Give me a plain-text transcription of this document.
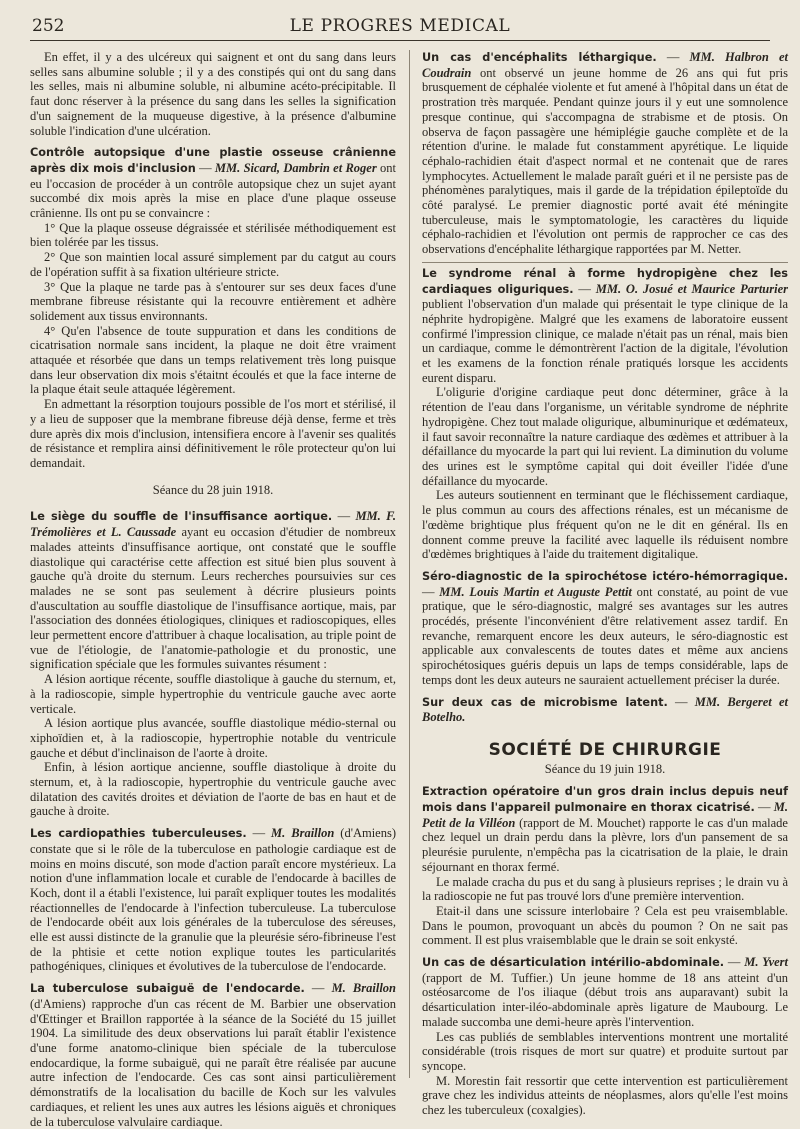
252	LE PROGRES MEDICAL

En effet, il y a des ulcéreux qui saignent et ont du sang dans leurs selles sans albumine soluble ; il y a des constipés qui ont du sang dans les selles, mais ni albumine soluble, ni albumine acéto-précipitable. Il faut donc réserver à la présence du sang dans les selles la signification d'un saignement de la muqueuse digestive, à la présence d'albumine soluble l'indication d'une ulcération.

Contrôle autopsique d'une plastie osseuse crânienne après dix mois d'inclusion — MM. Sicard, Dambrin et Roger ont eu l'occasion de procéder à un contrôle autopsique chez un sujet ayant succombé dix mois après la mise en place d'une plaque osseuse crânienne. Ils ont pu se convaincre :

1° Que la plaque osseuse dégraissée et stérilisée méthodiquement est bien tolérée par les tissus.

2° Que son maintien local assuré simplement par du catgut au cours de l'opération suffit à sa fixation ultérieure stricte.

3° Que la plaque ne tarde pas à s'entourer sur ses deux faces d'une membrane fibreuse résistante qui la recouvre entièrement et adhère solidement aux tissus environnants.

4° Qu'en l'absence de toute suppuration et dans les conditions de cicatrisation normale sans incident, la plaque ne doit être vraiment attaquée et résorbée que dans un temps relativement très long puisque dans leur observation dix mois s'étaitnt écoulés et que la face interne de la plaque était seule attaquée légèrement.

En admettant la résorption toujours possible de l'os mort et stérilisé, il y a lieu de supposer que la membrane fibreuse déjà dense, ferme et très dure après dix mois d'inclusion, intensifiera encore à l'avenir ses qualités de résistance et remplira ainsi définitivement le rôle protecteur qu'on lui demandait.

Séance du 28 juin 1918.

Le siège du souffle de l'insuffisance aortique. — MM. F. Trémolières et L. Caussade ayant eu occasion d'étudier de nombreux malades atteints d'insuffisance aortique, ont constaté que le souffle diastolique qui caractérise cette affection est situé bien plus souvent à gauche qu'à droite du sternum. Leurs recherches poursuivies sur ces malades ne se sont pas seulement à décrire plusieurs points d'auscultation au souffle diastolique de l'insuffisance aortique, mais, par l'association des données étiologiques, cliniques et radioscopiques, elles leur permettent encore d'attribuer à chaque localisation, au triple point de vue de l'étiologie, de l'anatomie-pathologie et du pronostic, une signification spéciale que les formules suivantes résument :

A lésion aortique récente, souffle diastolique à gauche du sternum, et, à la radioscopie, simple hypertrophie du ventricule gauche avec aorte verticale.

A lésion aortique plus avancée, souffle diastolique médio-sternal ou xiphoïdien et, à la radioscopie, hypertrophie notable du ventricule gauche et début d'inclinaison de l'aorte à droite.

Enfin, à lésion aortique ancienne, souffle diastolique à droite du sternum, et, à la radioscopie, hypertrophie du ventricule gauche avec dilatation des cavités droites et déviation de l'aorte de bas en haut et de gauche à droite.

Les cardiopathies tuberculeuses. — M. Braillon (d'Amiens) constate que si le rôle de la tuberculose en pathologie cardiaque est de moins en moins discuté, son mode d'action paraît encore mystérieux. La notion d'une inflammation locale et curable de l'endocarde à bacilles de Koch, dont il a établi l'existence, lui paraît expliquer toutes les modalités réactionnelles de l'endocarde à l'infection tuberculeuse. La tuberculose de l'endocarde obéit aux lois générales de la tuberculose des séreuses, elle est aussi distincte de la granulie que la pleurésie séro-fibrineuse l'est de la phtisie et cette notion explique toutes les particularités pathogéniques, cliniques et évolutives de la tuberculose de l'endocarde.

La tuberculose subaiguë de l'endocarde. — M. Braillon (d'Amiens) rapproche d'un cas récent de M. Barbier une observation d'Œttinger et Braillon rapportée à la séance de la Société du 15 juillet 1904. La similitude des deux observations lui paraît établir l'existence d'une forme anatomo-clinique bien spéciale de la tuberculose endocardique, la forme subaiguë, qui ne paraît être réalisée par aucune autre infection de l'endocarde. Ces cas sont ainsi particulièrement démonstratifs de la localisation du bacille de Koch sur les valvules cardiaques, et relient les unes aux autres les lésions aiguës et chroniques de la tuberculose valvulaire cardiaque.

Un cas d'encéphalits léthargique. — MM. Halbron et Coudrain ont observé un jeune homme de 26 ans qui fut pris brusquement de céphalée violente et fut amené à l'hôpital dans un état de prostration très marquée. Pendant quinze jours il y eut une somnolence presque continue, qui s'accompagna de strabisme et de ptosis. On observa de façon passagère une hémiplégie gauche complète et de la rétention d'urine. le malade fut constamment apyrétique. Le liquide céphalo-rachidien était d'aspect normal et ne contenait que de rares lymphocytes. Actuellement le malade paraît guéri et il ne persiste pas de phénomènes paralytiques, mais il garde de la trépidation épileptoïde du côté paralysé. Le premier diagnostic porté avait été méningite tuberculeuse, mais le symptomatologie, les caractères du liquide céphalo-rachidien et l'évolution ont permis de rapprocher ce cas des observations d'encéphalite léthargique rapportées par M. Netter.

Le syndrome rénal à forme hydropigène chez les cardiaques oliguriques. — MM. O. Josué et Maurice Parturier publient l'observation d'un malade qui présentait le type clinique de la néphrite hydropigène. Malgré que les examens de laboratoire eussent confirmé l'impression clinique, ce malade n'était pas un rénal, mais bien un cardiaque, comme le démontrèrent l'action de la digitale, l'évolution et les examens de la fonction rénale pratiqués lorsque les accidents eurent disparu.

L'oligurie d'origine cardiaque peut donc déterminer, grâce à la rétention de l'eau dans l'organisme, un véritable syndrome de néphrite hydropigène. Chez tout malade oligurique, albuminurique et œdémateux, il faut savoir reconnaître la nature cardiaque des œdèmes et attribuer à la défaillance du myocarde la part qui lui revient. La diminution du volume des urines est le symptôme capital qui doit éveiller l'idée d'une défaillance du myocarde.

Les auteurs soutiennent en terminant que le fléchissement cardiaque, le plus commun au cours des affections rénales, est un mécanisme de l'œdème brightique plus fréquent qu'on ne le dit en général. Ils en donnent comme preuve la facilité avec laquelle ils réduisent nombre d'œdèmes brightiques à l'aide du traitement digitalique.

Séro-diagnostic de la spirochétose ictéro-hémorragique. — MM. Louis Martin et Auguste Pettit ont constaté, au point de vue pratique, que le séro-diagnostic, malgré ses avantages sur les autres procédés, présente l'inconvénient d'être relativement assez tardif. En revanche, remarquent encore les deux auteurs, le séro-diagnostic est applicable aux convalescents de toutes dates et même aux anciens spirochétosiques guéris depuis un laps de temps considérable, laps de temps dont les deux auteurs ne sauraient actuellement préciser la durée.

Sur deux cas de microbisme latent. — MM. Bergeret et Botelho.

SOCIÉTÉ DE CHIRURGIE

Séance du 19 juin 1918.

Extraction opératoire d'un gros drain inclus depuis neuf mois dans l'appareil pulmonaire en thorax cicatrisé. — M. Petit de la Villéon (rapport de M. Mouchet) rapporte le cas d'un malade chez lequel un drain perdu dans la plèvre, lors d'un pansement de sa pleurésie purulente, n'empêcha pas la cicatrisation de la plaie, le drain séjournant en thorax fermé.

Le malade cracha du pus et du sang à plusieurs reprises ; le drain vu à la radioscopie ne fut pas trouvé lors d'une première intervention.

Etait-il dans une scissure interlobaire ? Cela est peu vraisemblable. Dans le poumon, provoquant un abcès du poumon ? On ne sait pas comment. Il est plus vraisemblable que le drain se soit enkysté.

Un cas de désarticulation intérilio-abdominale. — M. Yvert (rapport de M. Tuffier.) Un jeune homme de 18 ans atteint d'un ostéosarcome de l'os iliaque (début trois ans auparavant) subit la désarticulation inter-iléo-abdominale après ligature de Maubourg. Le malade succomba une demi-heure après l'intervention.

Les cas publiés de semblables interventions montrent une mortalité considérable (trois risques de mort sur quatre) et produite surtout par syncope.

M. Morestin fait ressortir que cette intervention est particulièrement grave chez les individus atteints de néoplasmes, alors qu'elle l'est moins chez les tuberculeux (coxalgies).
